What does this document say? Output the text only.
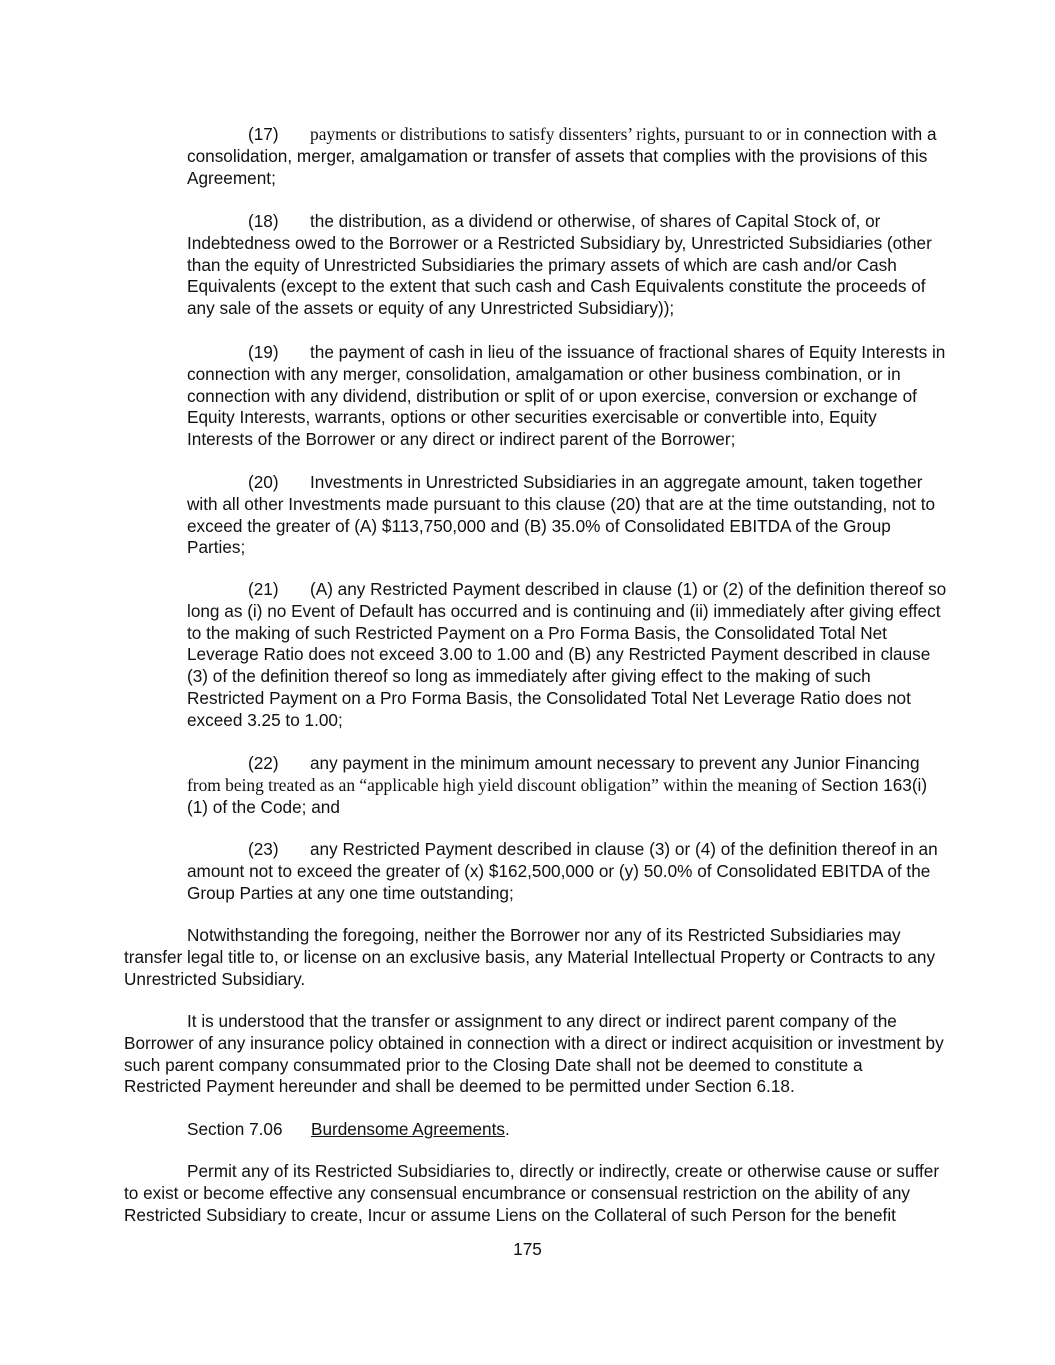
(17) payments or distributions to satisfy dissenters’ rights, pursuant to or in connection with a consolidation, merger, amalgamation or transfer of assets that complies with the provisions of this Agreement;

(18) the distribution, as a dividend or otherwise, of shares of Capital Stock of, or Indebtedness owed to the Borrower or a Restricted Subsidiary by, Unrestricted Subsidiaries (other than the equity of Unrestricted Subsidiaries the primary assets of which are cash and/or Cash Equivalents (except to the extent that such cash and Cash Equivalents constitute the proceeds of any sale of the assets or equity of any Unrestricted Subsidiary));

(19) the payment of cash in lieu of the issuance of fractional shares of Equity Interests in connection with any merger, consolidation, amalgamation or other business combination, or in connection with any dividend, distribution or split of or upon exercise, conversion or exchange of Equity Interests, warrants, options or other securities exercisable or convertible into, Equity Interests of the Borrower or any direct or indirect parent of the Borrower;

(20) Investments in Unrestricted Subsidiaries in an aggregate amount, taken together with all other Investments made pursuant to this clause (20) that are at the time outstanding, not to exceed the greater of (A) $113,750,000 and (B) 35.0% of Consolidated EBITDA of the Group Parties;

(21) (A) any Restricted Payment described in clause (1) or (2) of the definition thereof so long as (i) no Event of Default has occurred and is continuing and (ii) immediately after giving effect to the making of such Restricted Payment on a Pro Forma Basis, the Consolidated Total Net Leverage Ratio does not exceed 3.00 to 1.00 and (B) any Restricted Payment described in clause (3) of the definition thereof so long as immediately after giving effect to the making of such Restricted Payment on a Pro Forma Basis, the Consolidated Total Net Leverage Ratio does not exceed 3.25 to 1.00;

(22) any payment in the minimum amount necessary to prevent any Junior Financing from being treated as an “applicable high yield discount obligation” within the meaning of Section 163(i)(1) of the Code; and

(23) any Restricted Payment described in clause (3) or (4) of the definition thereof in an amount not to exceed the greater of (x) $162,500,000 or (y) 50.0% of Consolidated EBITDA of the Group Parties at any one time outstanding;

Notwithstanding the foregoing, neither the Borrower nor any of its Restricted Subsidiaries may transfer legal title to, or license on an exclusive basis, any Material Intellectual Property or Contracts to any Unrestricted Subsidiary.

It is understood that the transfer or assignment to any direct or indirect parent company of the Borrower of any insurance policy obtained in connection with a direct or indirect acquisition or investment by such parent company consummated prior to the Closing Date shall not be deemed to constitute a Restricted Payment hereunder and shall be deemed to be permitted under Section 6.18.

Section 7.06 Burdensome Agreements.

Permit any of its Restricted Subsidiaries to, directly or indirectly, create or otherwise cause or suffer to exist or become effective any consensual encumbrance or consensual restriction on the ability of any Restricted Subsidiary to create, Incur or assume Liens on the Collateral of such Person for the benefit

175
